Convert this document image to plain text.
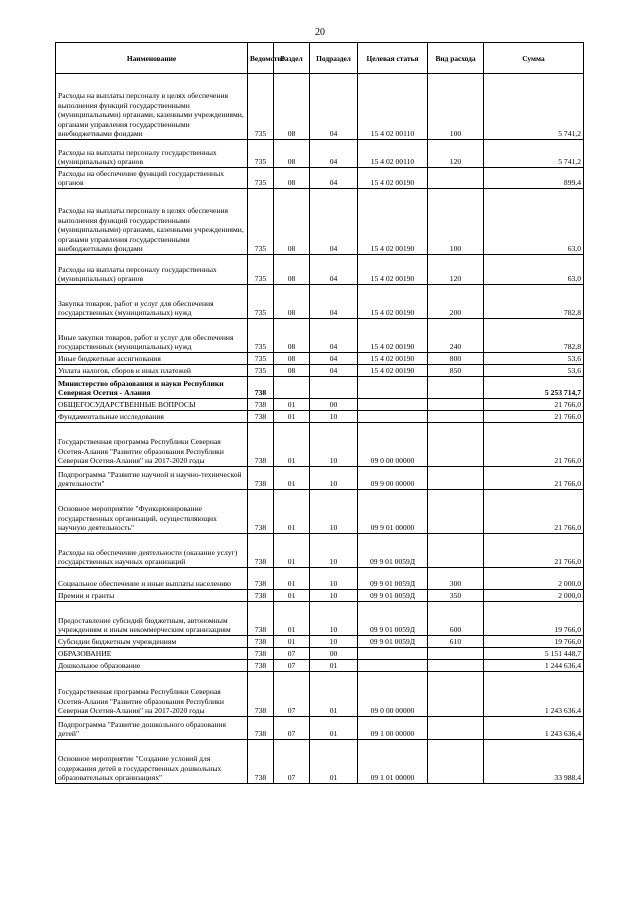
20
Наименование	Ведомство	Раздел	Подраздел	Целевая статья	Вид расхода	Сумма
Расходы на выплаты персоналу в целях обеспечения выполнения функций государственными (муниципальными) органами, казенными учреждениями, органами управления государственными внебюджетными фондами	735	08	04	15 4 02 00110	100	5 741,2
Расходы на выплаты персоналу государственных (муниципальных) органов	735	08	04	15 4 02 00110	120	5 741,2
Расходы на обеспечение функций государственных органов	735	08	04	15 4 02 00190		899,4
Расходы на выплаты персоналу в целях обеспечения выполнения функций государственными (муниципальными) органами, казенными учреждениями, органами управления государственными внебюджетными фондами	735	08	04	15 4 02 00190	100	63,0
Расходы на выплаты персоналу государственных (муниципальных) органов	735	08	04	15 4 02 00190	120	63,0
Закупка товаров, работ и услуг для обеспечения государственных (муниципальных) нужд	735	08	04	15 4 02 00190	200	782,8
Иные закупки товаров, работ и услуг для обеспечения государственных (муниципальных) нужд	735	08	04	15 4 02 00190	240	782,8
Иные бюджетные ассигнования	735	08	04	15 4 02 00190	800	53,6
Уплата налогов, сборов и иных платежей	735	08	04	15 4 02 00190	850	53,6
Министерство образования и науки Республики Северная Осетия - Алания	738					5 253 714,7
ОБЩЕГОСУДАРСТВЕННЫЕ ВОПРОСЫ	738	01	00			21 766,0
Фундаментальные исследования	738	01	10			21 766,0
Государственная программа Республики Северная Осетия-Алания "Развитие образования Республики Северная Осетия-Алания" на 2017-2020 годы	738	01	10	09 0 00 00000		21 766,0
Подпрограмма "Развитие научной и научно-технической деятельности"	738	01	10	09 9 00 00000		21 766,0
Основное мероприятие "Функционирование государственных организаций, осуществляющих научную деятельность"	738	01	10	09 9 01 00000		21 766,0
Расходы на обеспечение деятельности (оказание услуг) государственных научных организаций	738	01	10	09 9 01 0059Д		21 766,0
Социальное обеспечение и иные выплаты населению	738	01	10	09 9 01 0059Д	300	2 000,0
Премии и гранты	738	01	10	09 9 01 0059Д	350	2 000,0
Предоставление субсидий бюджетным, автономным учреждениям и иным некоммерческим организациям	738	01	10	09 9 01 0059Д	600	19 766,0
Субсидии бюджетным учреждениям	738	01	10	09 9 01 0059Д	610	19 766,0
ОБРАЗОВАНИЕ	738	07	00			5 151 448,7
Дошкольное образование	738	07	01			1 244 636,4
Государственная программа Республики Северная Осетия-Алания "Развитие образования Республики Северная Осетия-Алания" на 2017-2020 годы	738	07	01	09 0 00 00000		1 243 636,4
Подпрограмма "Развитие дошкольного образования детей"	738	07	01	09 1 00 00000		1 243 636,4
Основное мероприятие "Создание условий для содержания детей в государственных дошкольных образовательных организациях"	738	07	01	09 1 01 00000		33 988,4
